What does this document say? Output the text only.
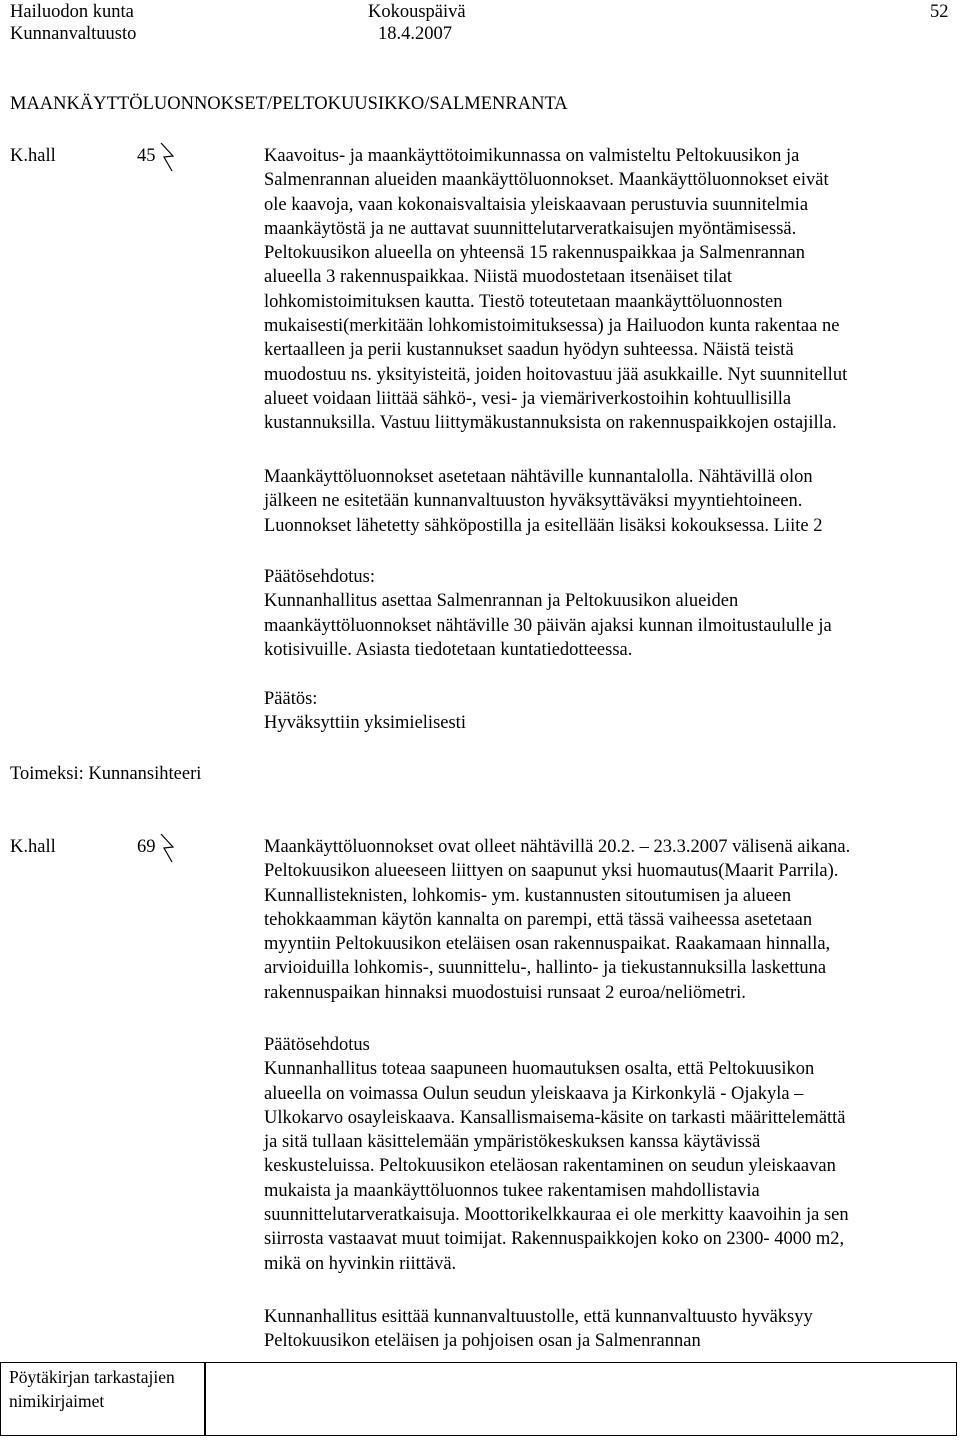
Hailuodon kunta
Kunnanvaltuusto
Kokouspäivä
18.4.2007
52
MAANKÄYTTÖLUONNOKSET/PELTOKUUSIKKO/SALMENRANTA
K.hall	45	Kaavoitus- ja maankäyttötoimikunnassa on valmisteltu Peltokuusikon ja
Salmenrannan alueiden maankäyttöluonnokset. Maankäyttöluonnokset eivät
ole kaavoja, vaan kokonaisvaltaisia yleiskaavaan perustuvia suunnitelmia
maankäytöstä ja ne auttavat suunnittelutarveratkaisujen myöntämisessä.
Peltokuusikon alueella on yhteensä 15 rakennuspaikkaa ja Salmenrannan
alueella 3 rakennuspaikkaa. Niistä muodostetaan itsenäiset tilat
lohkomistoimituksen kautta. Tiestö toteutetaan maankäyttöluonnosten
mukaisesti(merkitään lohkomistoimituksessa) ja Hailuodon kunta rakentaa ne
kertaalleen ja perii kustannukset saadun hyödyn suhteessa. Näistä teistä
muodostuu ns. yksityisteitä, joiden hoitovastuu jää asukkaille. Nyt suunnitellut
alueet voidaan liittää sähkö-, vesi- ja viemäriverkostoihin kohtuullisilla
kustannuksilla. Vastuu liittymäkustannuksista on rakennuspaikkojen ostajilla.
Maankäyttöluonnokset asetetaan nähtäville kunnantalolla. Nähtävillä olon
jälkeen ne esitetään kunnanvaltuuston hyväksyttäväksi myyntiehtoineen.
Luonnokset lähetetty sähköpostilla ja esitellään lisäksi kokouksessa. Liite 2
Päätösehdotus:
Kunnanhallitus asettaa Salmenrannan ja Peltokuusikon alueiden
maankäyttöluonnokset nähtäville 30 päivän ajaksi kunnan ilmoitustaululle ja
kotisivuille. Asiasta tiedotetaan kuntatiedotteessa.
Päätös:
Hyväksyttiin yksimielisesti
Toimeksi: Kunnansihteeri
K.hall	69	Maankäyttöluonnokset ovat olleet nähtävillä 20.2. – 23.3.2007 välisenä aikana.
Peltokuusikon alueeseen liittyen on saapunut yksi huomautus(Maarit Parrila).
Kunnallisteknisten, lohkomis- ym. kustannusten sitoutumisen ja alueen
tehokkaamman käytön kannalta on parempi, että tässä vaiheessa asetetaan
myyntiin Peltokuusikon eteläisen osan rakennuspaikat. Raakamaan hinnalla,
arvioiduilla lohkomis-, suunnittelu-, hallinto- ja tiekustannuksilla laskettuna
rakennuspaikan hinnaksi muodostuisi runsaat 2 euroa/neliömetri.
Päätösehdotus
Kunnanhallitus toteaa saapuneen huomautuksen osalta, että Peltokuusikon
alueella on voimassa Oulun seudun yleiskaava ja Kirkonkylä - Ojakyla –
Ulkokarvo osayleiskaava. Kansallismaisema-käsite on tarkasti määrittelemättä
ja sitä tullaan käsittelemään ympäristökeskuksen kanssa käytävissä
keskusteluissa. Peltokuusikon eteläosan rakentaminen on seudun yleiskaavan
mukaista ja maankäyttöluonnos tukee rakentamisen mahdollistavia
suunnittelutarveratkaisuja. Moottorikelkkauraa ei ole merkitty kaavoihin ja sen
siirrosta vastaavat muut toimijat. Rakennuspaikkojen koko on 2300- 4000 m2,
mikä on hyvinkin riittävä.
Kunnanhallitus esittää kunnanvaltuustolle, että kunnanvaltuusto hyväksyy
Peltokuusikon eteläisen ja pohjoisen osan ja Salmenrannan
Pöytäkirjan tarkastajien
nimikirjaimet
